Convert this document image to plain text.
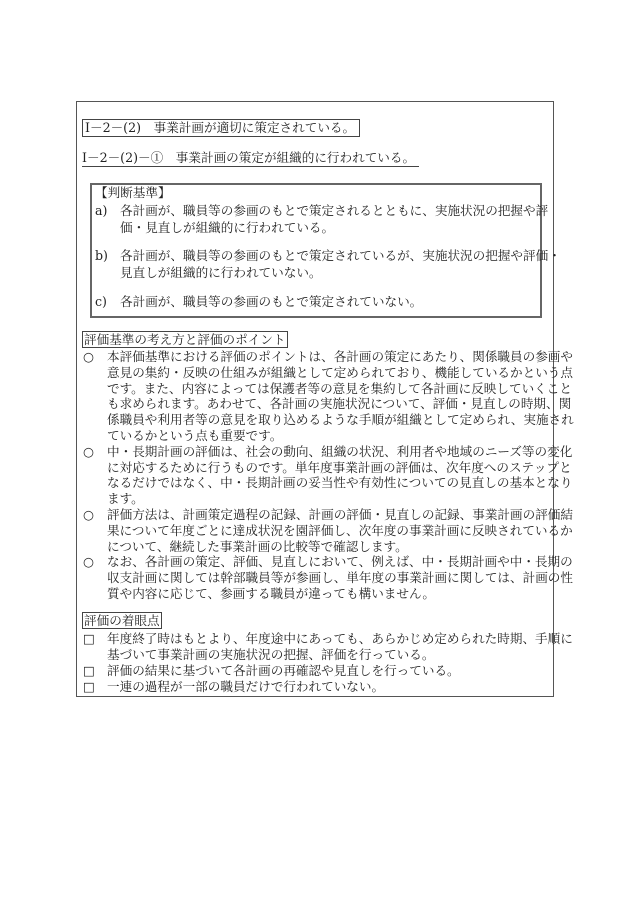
Ⅰ－2－(2)　事業計画が適切に策定されている。
Ⅰ－2－(2)－①　事業計画の策定が組織的に行われている。
【判断基準】
a) 各計画が、職員等の参画のもとで策定されるとともに、実施状況の把握や評
価・見直しが組織的に行われている。
b) 各計画が、職員等の参画のもとで策定されているが、実施状況の把握や評価・
見直しが組織的に行われていない。
c) 各計画が、職員等の参画のもとで策定されていない。
評価基準の考え方と評価のポイント
○ 本評価基準における評価のポイントは、各計画の策定にあたり、関係職員の参画や
意見の集約・反映の仕組みが組織として定められており、機能しているかという点
です。また、内容によっては保護者等の意見を集約して各計画に反映していくこと
も求められます。あわせて、各計画の実施状況について、評価・見直しの時期、関
係職員や利用者等の意見を取り込めるような手順が組織として定められ、実施され
ているかという点も重要です。
○ 中・長期計画の評価は、社会の動向、組織の状況、利用者や地域のニーズ等の変化
に対応するために行うものです。単年度事業計画の評価は、次年度へのステップと
なるだけではなく、中・長期計画の妥当性や有効性についての見直しの基本となり
ます。
○ 評価方法は、計画策定過程の記録、計画の評価・見直しの記録、事業計画の評価結
果について年度ごとに達成状況を園評価し、次年度の事業計画に反映されているか
について、継続した事業計画の比較等で確認します。
○ なお、各計画の策定、評価、見直しにおいて、例えば、中・長期計画や中・長期の
収支計画に関しては幹部職員等が参画し、単年度の事業計画に関しては、計画の性
質や内容に応じて、参画する職員が違っても構いません。
評価の着眼点
□ 年度終了時はもとより、年度途中にあっても、あらかじめ定められた時期、手順に
基づいて事業計画の実施状況の把握、評価を行っている。
□ 評価の結果に基づいて各計画の再確認や見直しを行っている。
□ 一連の過程が一部の職員だけで行われていない。
